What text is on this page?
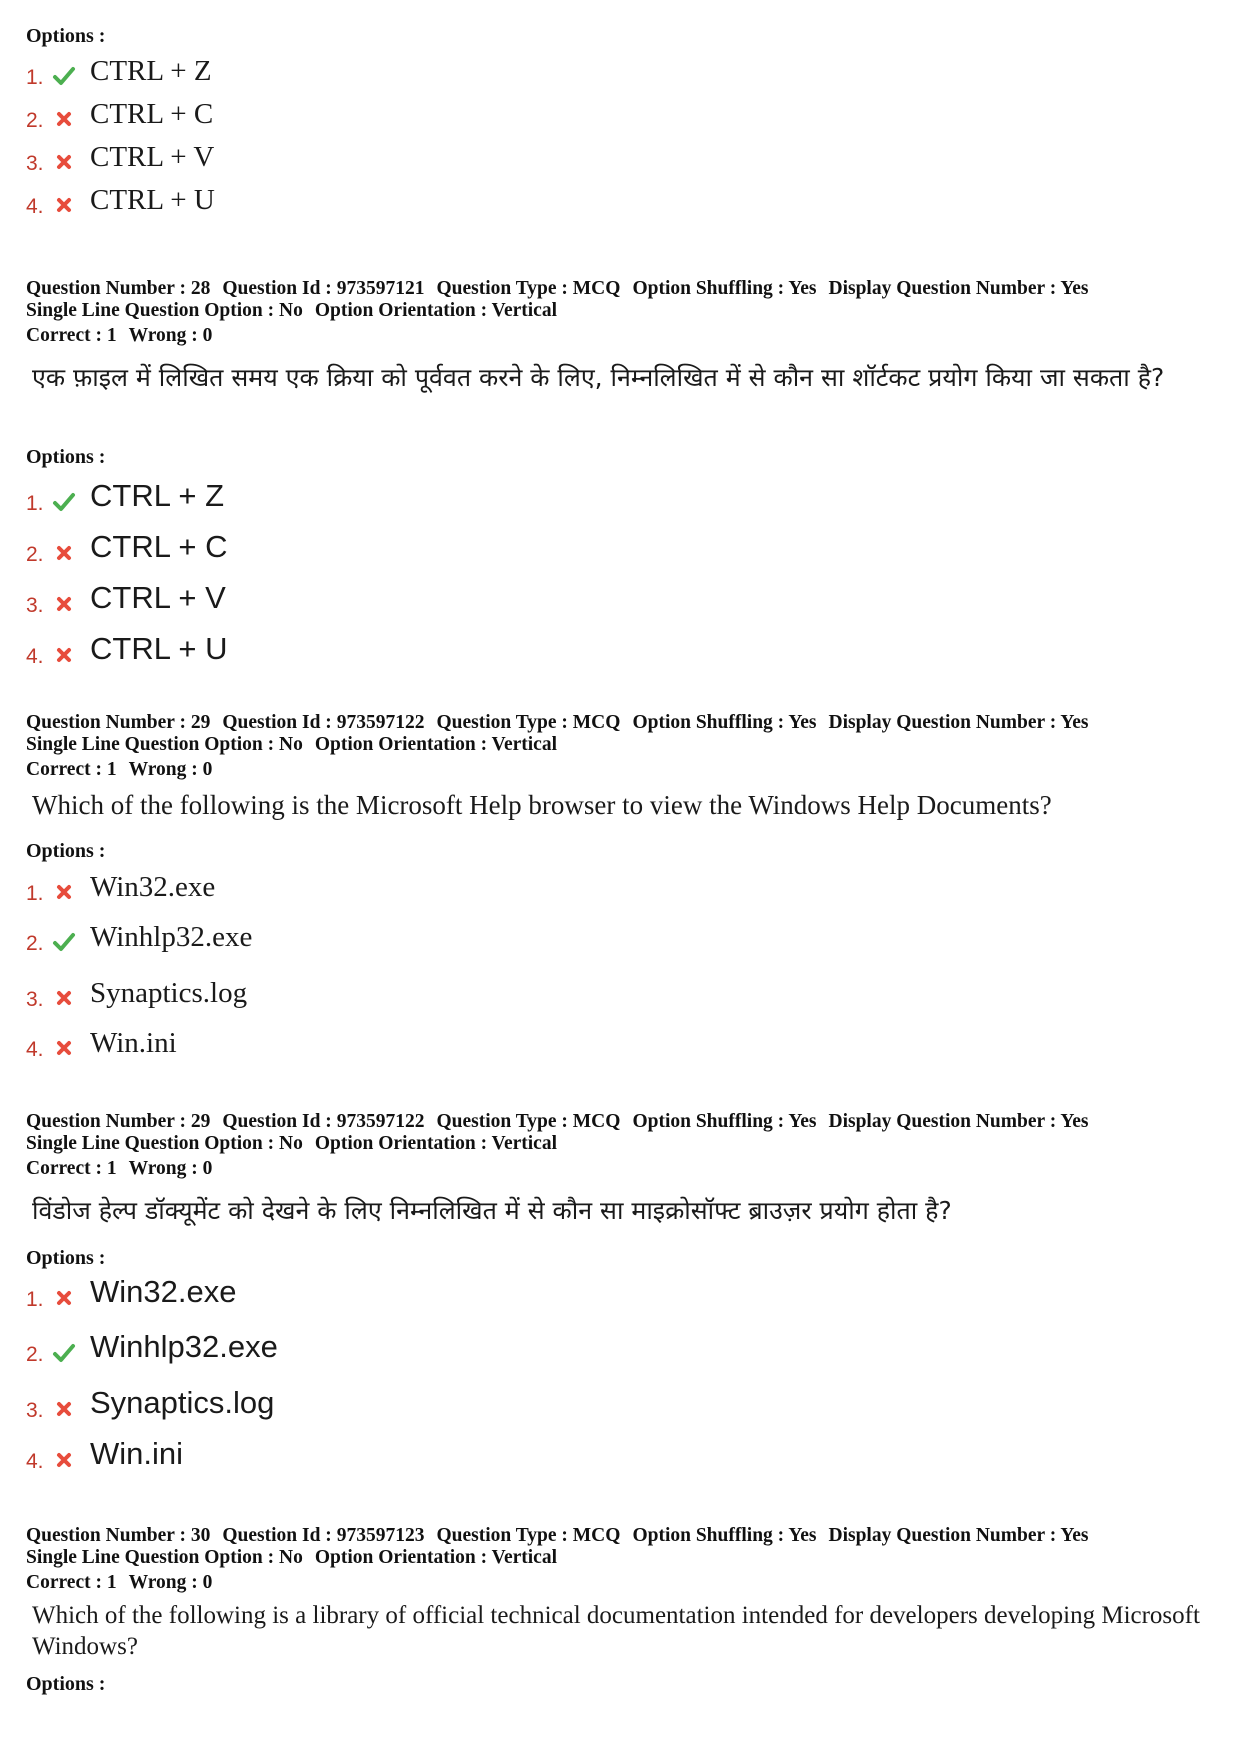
Options :
1. CTRL + Z
2. CTRL + C
3. CTRL + V
4. CTRL + U
Question Number : 28 Question Id : 973597121 Question Type : MCQ Option Shuffling : Yes Display Question Number : Yes
Single Line Question Option : No Option Orientation : Vertical
Correct : 1 Wrong : 0
एक फ़ाइल में लिखित समय एक क्रिया को पूर्ववत करने के लिए, निम्नलिखित में से कौन सा शॉर्टकट प्रयोग किया जा सकता है?
Options :
1. CTRL + Z
2. CTRL + C
3. CTRL + V
4. CTRL + U
Question Number : 29 Question Id : 973597122 Question Type : MCQ Option Shuffling : Yes Display Question Number : Yes
Single Line Question Option : No Option Orientation : Vertical
Correct : 1 Wrong : 0
Which of the following is the Microsoft Help browser to view the Windows Help Documents?
Options :
1. Win32.exe
2. Winhlp32.exe
3. Synaptics.log
4. Win.ini
Question Number : 29 Question Id : 973597122 Question Type : MCQ Option Shuffling : Yes Display Question Number : Yes
Single Line Question Option : No Option Orientation : Vertical
Correct : 1 Wrong : 0
विंडोज हेल्प डॉक्यूमेंट को देखने के लिए निम्नलिखित में से कौन सा माइक्रोसॉफ्ट ब्राउज़र प्रयोग होता है?
Options :
1. Win32.exe
2. Winhlp32.exe
3. Synaptics.log
4. Win.ini
Question Number : 30 Question Id : 973597123 Question Type : MCQ Option Shuffling : Yes Display Question Number : Yes
Single Line Question Option : No Option Orientation : Vertical
Correct : 1 Wrong : 0
Which of the following is a library of official technical documentation intended for developers developing Microsoft Windows?
Options :
